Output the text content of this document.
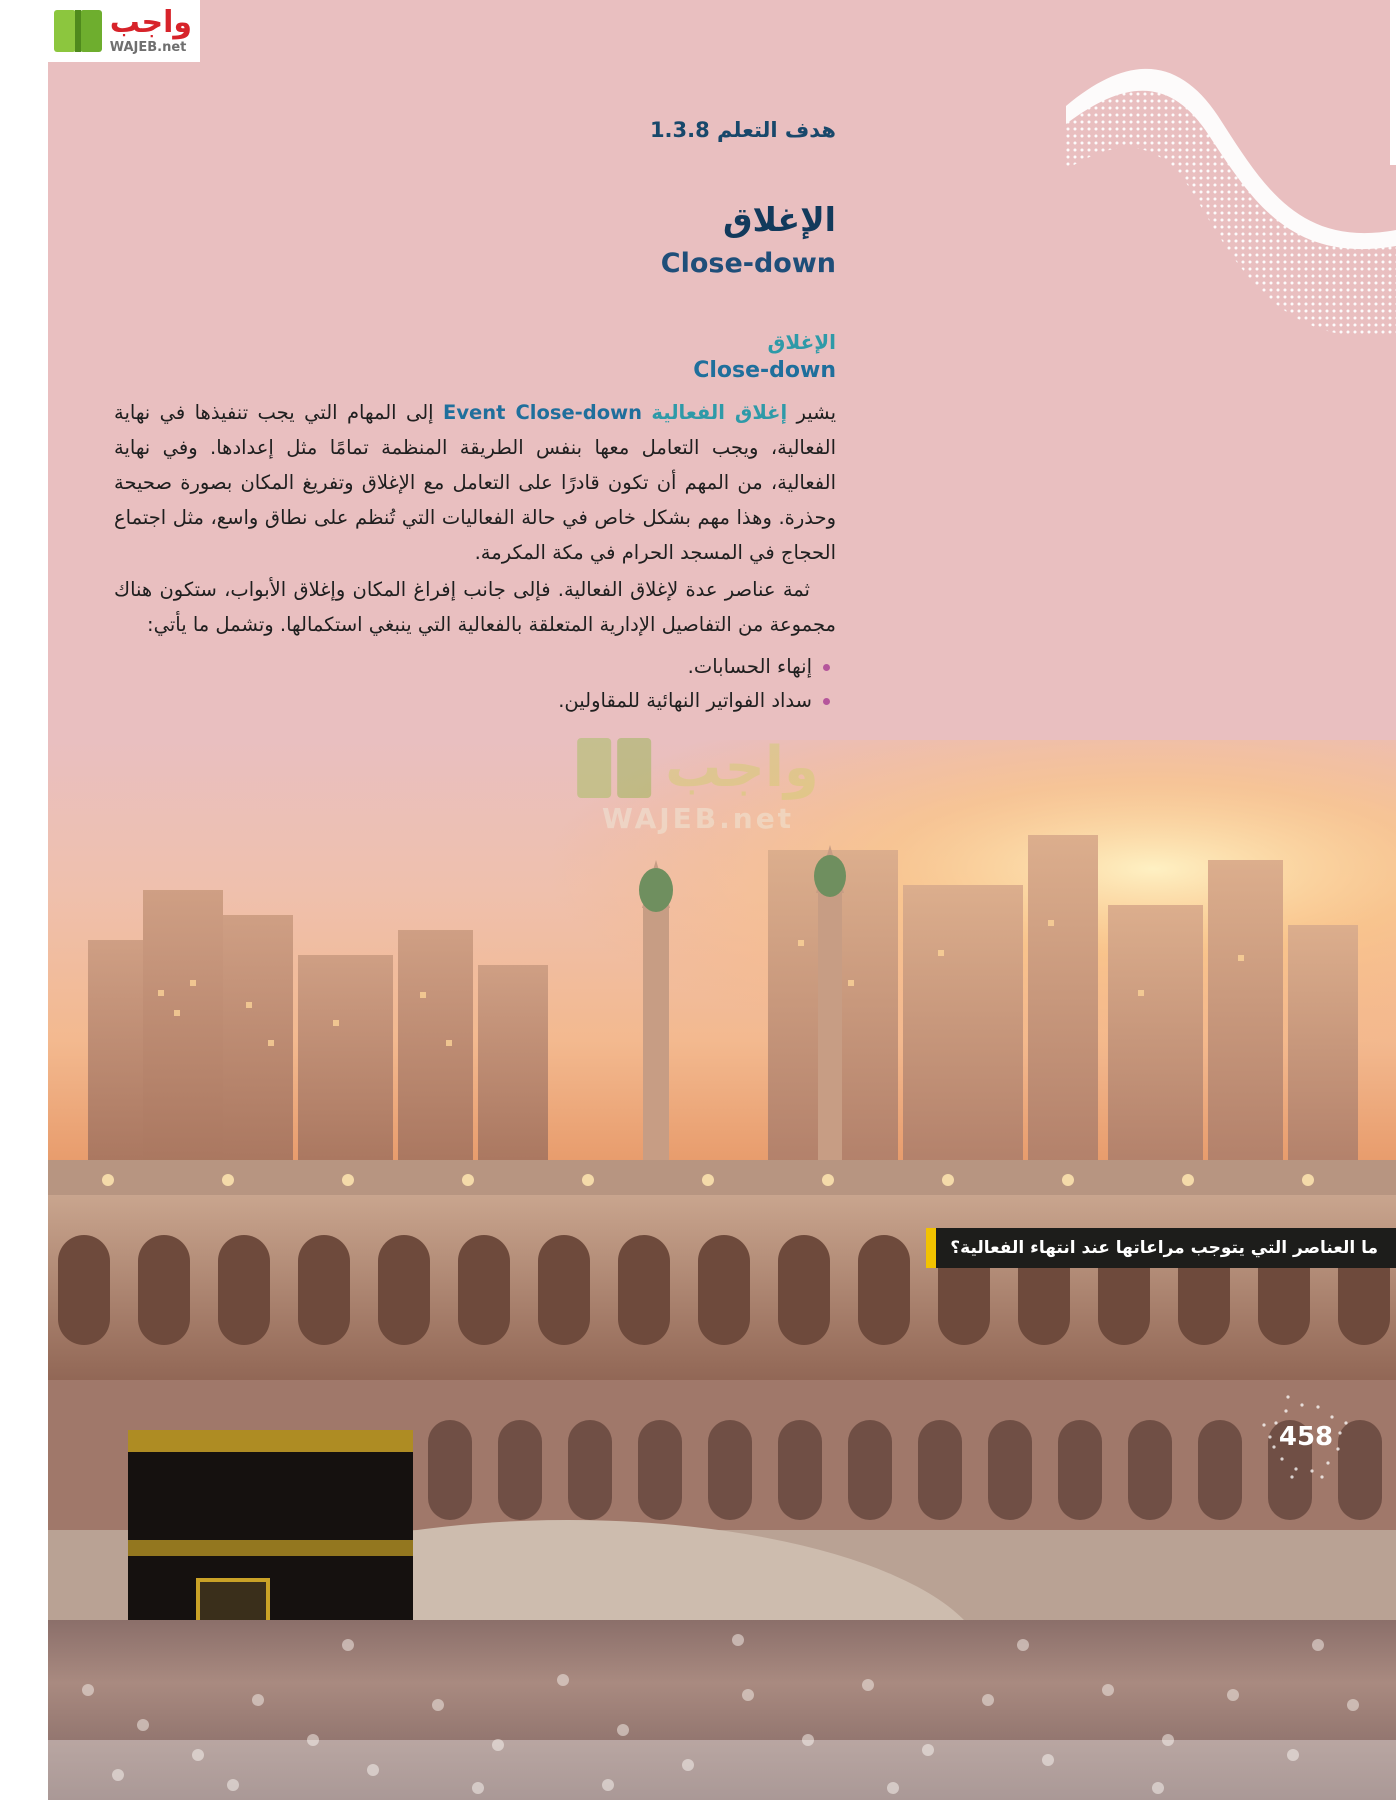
واجب
WAJEB.net
هدف التعلم 1.3.8
الإغلاق
Close-down
الإغلاق
Close-down

يشير إغلاق الفعالية Event Close-down إلى المهام التي يجب تنفيذها في نهاية الفعالية، ويجب التعامل معها بنفس الطريقة المنظمة تمامًا مثل إعدادها. وفي نهاية الفعالية، من المهم أن تكون قادرًا على التعامل مع الإغلاق وتفريغ المكان بصورة صحيحة وحذرة. وهذا مهم بشكل خاص في حالة الفعاليات التي تُنظم على نطاق واسع، مثل اجتماع الحجاج في المسجد الحرام في مكة المكرمة.

ثمة عناصر عدة لإغلاق الفعالية. فإلى جانب إفراغ المكان وإغلاق الأبواب، ستكون هناك مجموعة من التفاصيل الإدارية المتعلقة بالفعالية التي ينبغي استكمالها. وتشمل ما يأتي:

إنهاء الحسابات.
سداد الفواتير النهائية للمقاولين.
واجب
WAJEB.net
ما العناصر التي يتوجب مراعاتها عند انتهاء الفعالية؟
458
